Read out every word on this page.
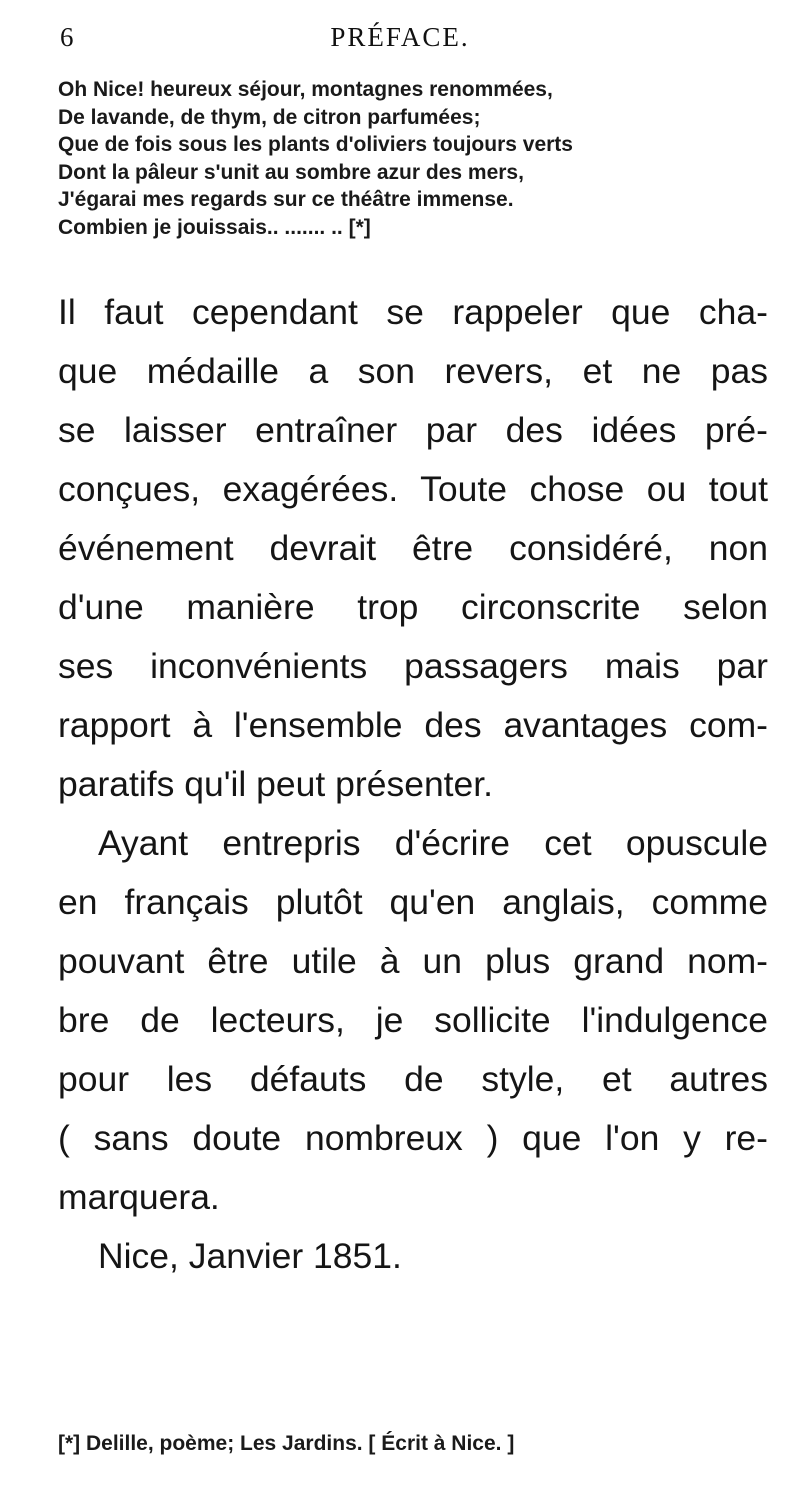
6	PRÉFACE.
Oh Nice! heureux séjour, montagnes renommées,
De lavande, de thym, de citron parfumées;
Que de fois sous les plants d'oliviers toujours verts
Dont la pâleur s'unit au sombre azur des mers,
J'égarai mes regards sur ce théâtre immense.
Combien je jouissais.. ....... .. [*]
Il faut cependant se rappeler que cha-
que médaille a son revers, et ne pas
se laisser entraîner par des idées pré-
conçues, exagérées. Toute chose ou tout
événement devrait être considéré, non
d'une manière trop circonscrite selon
ses inconvénients passagers mais par
rapport à l'ensemble des avantages com-
paratifs qu'il peut présenter.
Ayant entrepris d'écrire cet opuscule
en français plutôt qu'en anglais, comme
pouvant être utile à un plus grand nom-
bre de lecteurs, je sollicite l'indulgence
pour les défauts de style, et autres
( sans doute nombreux ) que l'on y re-
marquera.
Nice, Janvier 1851.
[*] Delille, poème; Les Jardins. [ Écrit à Nice. ]
